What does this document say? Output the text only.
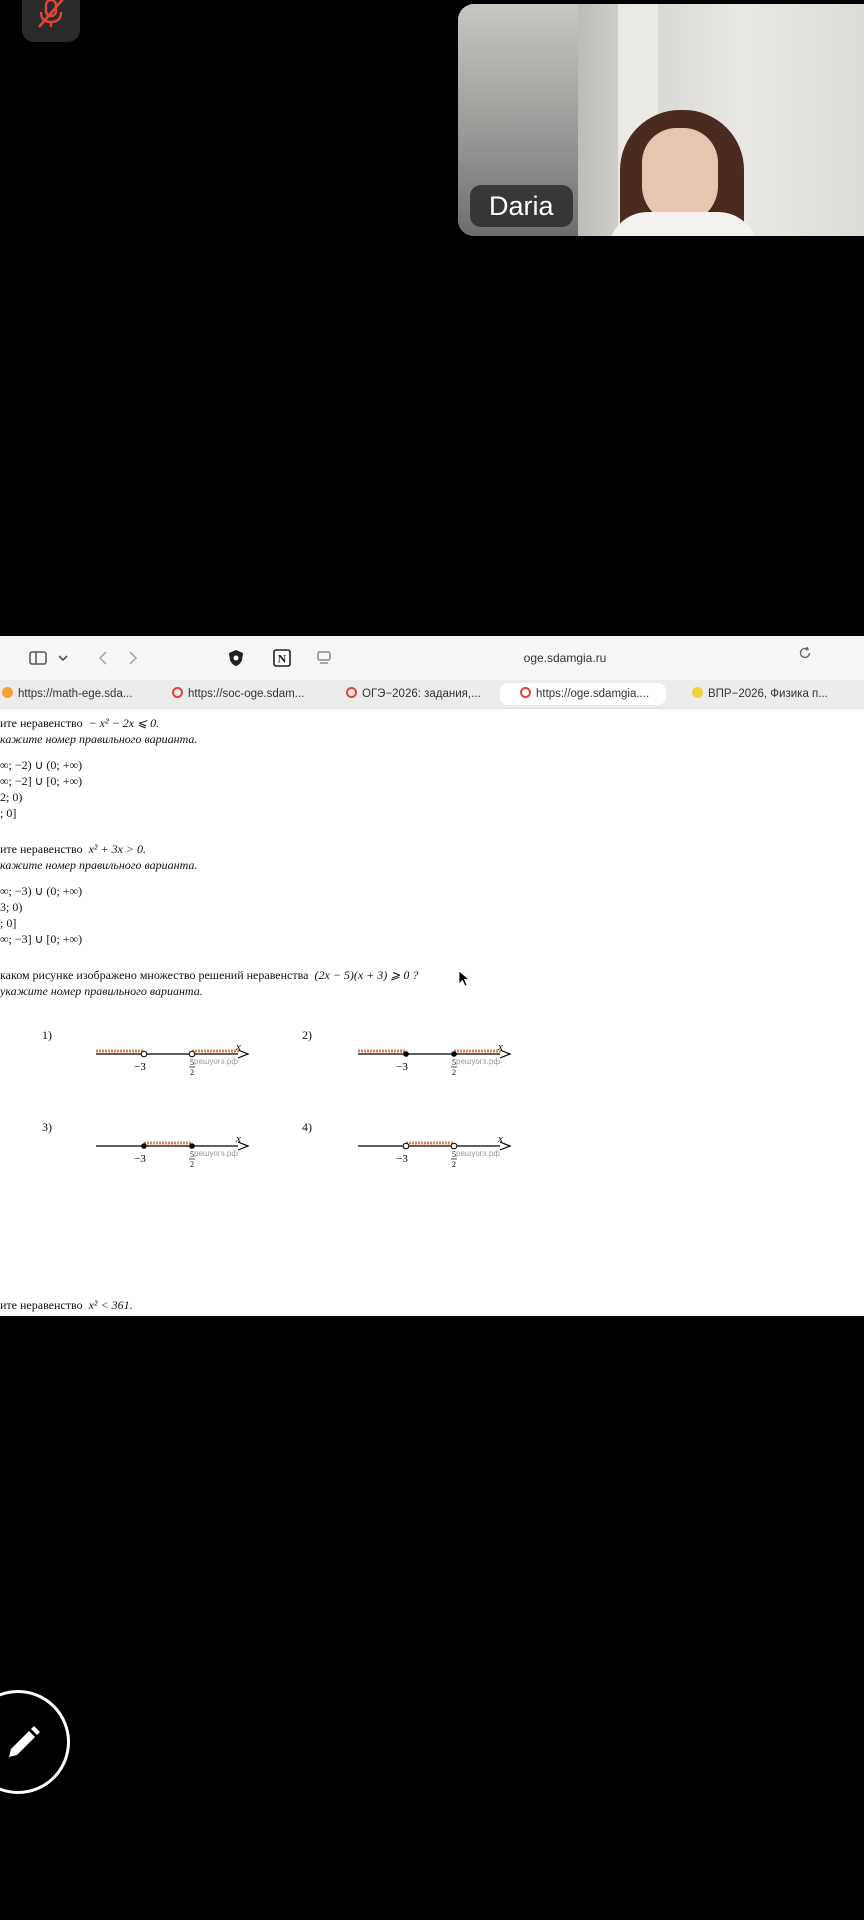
Daria
N	oge.sdamgia.ru
https://math-ege.sda...	https://soc-oge.sdam...	ОГЭ−2026: задания,...	https://oge.sdamgia....	ВПР−2026, Физика п...
ите неравенство − x² − 2x ⩽ 0.
кажите номер правильного варианта.
∞; −2) ∪ (0; +∞)
∞; −2] ∪ [0; +∞)
2; 0)
; 0]
ите неравенство x² + 3x > 0.
кажите номер правильного варианта.
∞; −3) ∪ (0; +∞)
3; 0)
; 0]
∞; −3] ∪ [0; +∞)
каком рисунке изображено множество решений неравенства (2x − 5)(x + 3) ⩾ 0 ?
укажите номер правильного варианта.
1)
−3	5
2
x
решуогэ.рф
2)
−3	5
2
x
решуогэ.рф
3)
−3	5
2
x
решуогэ.рф
4)
−3	5
2
x
решуогэ.рф
ите неравенство x² < 361.
